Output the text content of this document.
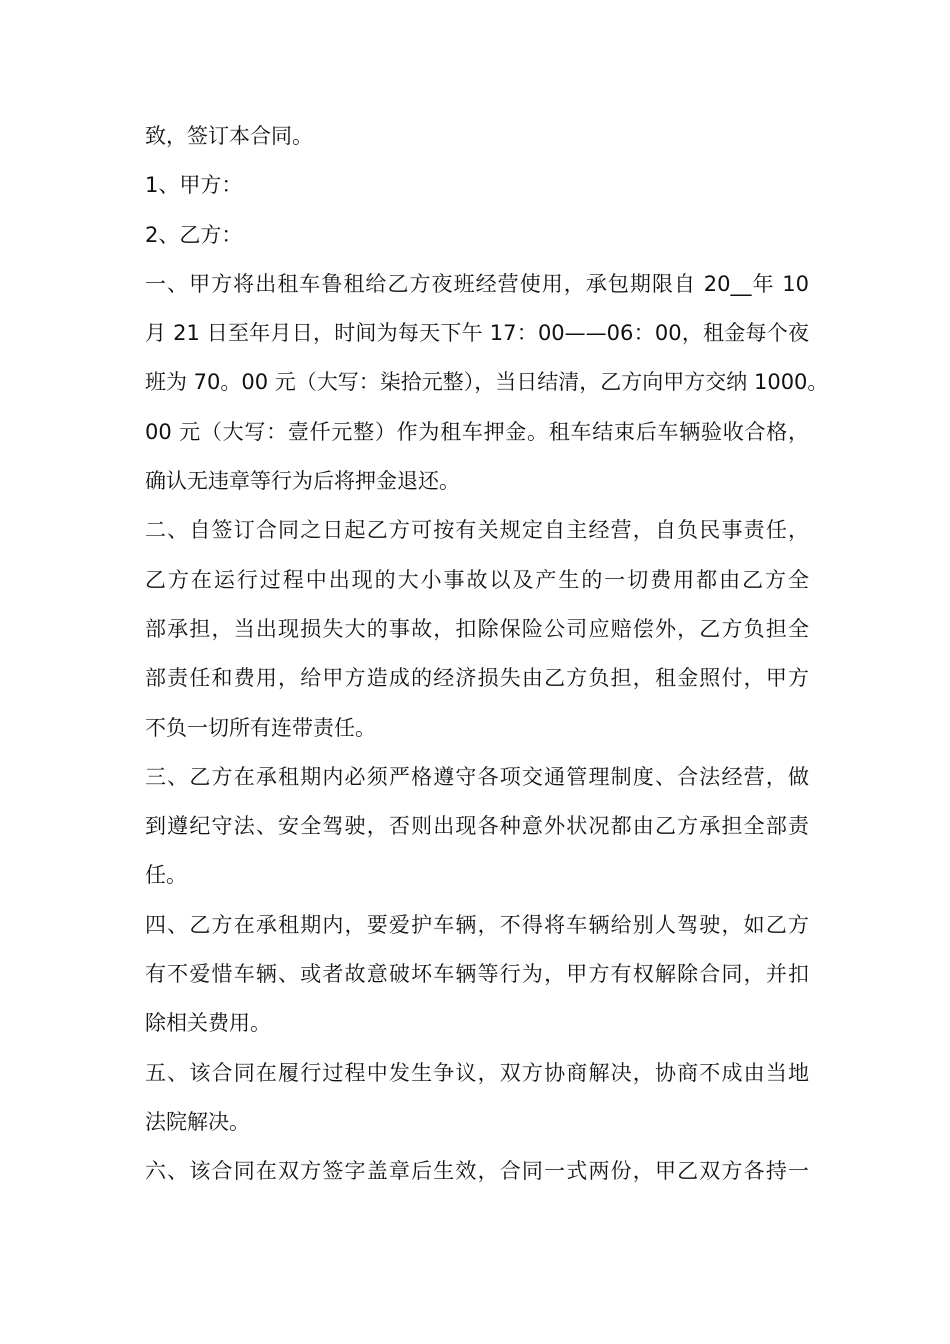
致，签订本合同。
1、甲方：
2、乙方：
一、甲方将出租车鲁租给乙方夜班经营使用，承包期限自 20__年 10
月 21 日至年月日，时间为每天下午 17：00——06：00，租金每个夜
班为 70。00 元（大写：柒拾元整），当日结清，乙方向甲方交纳 1000。
00 元（大写：壹仟元整）作为租车押金。租车结束后车辆验收合格，
确认无违章等行为后将押金退还。
二、自签订合同之日起乙方可按有关规定自主经营，自负民事责任，
乙方在运行过程中出现的大小事故以及产生的一切费用都由乙方全
部承担，当出现损失大的事故，扣除保险公司应赔偿外，乙方负担全
部责任和费用，给甲方造成的经济损失由乙方负担，租金照付，甲方
不负一切所有连带责任。
三、乙方在承租期内必须严格遵守各项交通管理制度、合法经营，做
到遵纪守法、安全驾驶，否则出现各种意外状况都由乙方承担全部责
任。
四、乙方在承租期内，要爱护车辆，不得将车辆给别人驾驶，如乙方
有不爱惜车辆、或者故意破坏车辆等行为，甲方有权解除合同，并扣
除相关费用。
五、该合同在履行过程中发生争议，双方协商解决，协商不成由当地
法院解决。
六、该合同在双方签字盖章后生效，合同一式两份，甲乙双方各持一
